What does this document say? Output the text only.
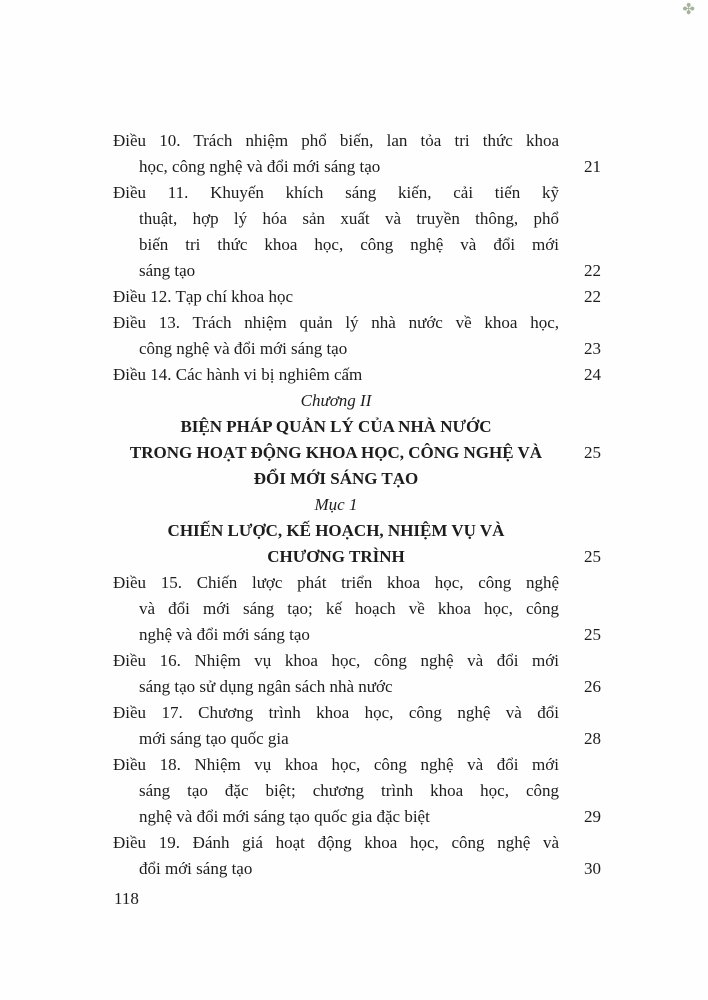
✤
Điều 10. Trách nhiệm phổ biến, lan tỏa tri thức khoa
học, công nghệ và đổi mới sáng tạo	21
Điều 11. Khuyến khích sáng kiến, cải tiến kỹ
thuật, hợp lý hóa sản xuất và truyền thông, phổ
biến tri thức khoa học, công nghệ và đổi mới
sáng tạo	22
Điều 12. Tạp chí khoa học	22
Điều 13. Trách nhiệm quản lý nhà nước về khoa học,
công nghệ và đổi mới sáng tạo	23
Điều 14. Các hành vi bị nghiêm cấm	24
Chương II
BIỆN PHÁP QUẢN LÝ CỦA NHÀ NƯỚC
TRONG HOẠT ĐỘNG KHOA HỌC, CÔNG NGHỆ VÀ	25
ĐỔI MỚI SÁNG TẠO
Mục 1
CHIẾN LƯỢC, KẾ HOẠCH, NHIỆM VỤ VÀ
CHƯƠNG TRÌNH	25
Điều 15. Chiến lược phát triển khoa học, công nghệ
và đổi mới sáng tạo; kế hoạch về khoa học, công
nghệ và đổi mới sáng tạo	25
Điều 16. Nhiệm vụ khoa học, công nghệ và đổi mới
sáng tạo sử dụng ngân sách nhà nước	26
Điều 17. Chương trình khoa học, công nghệ và đổi
mới sáng tạo quốc gia	28
Điều 18. Nhiệm vụ khoa học, công nghệ và đổi mới
sáng tạo đặc biệt; chương trình khoa học, công
nghệ và đổi mới sáng tạo quốc gia đặc biệt	29
Điều 19. Đánh giá hoạt động khoa học, công nghệ và
đổi mới sáng tạo	30
118
